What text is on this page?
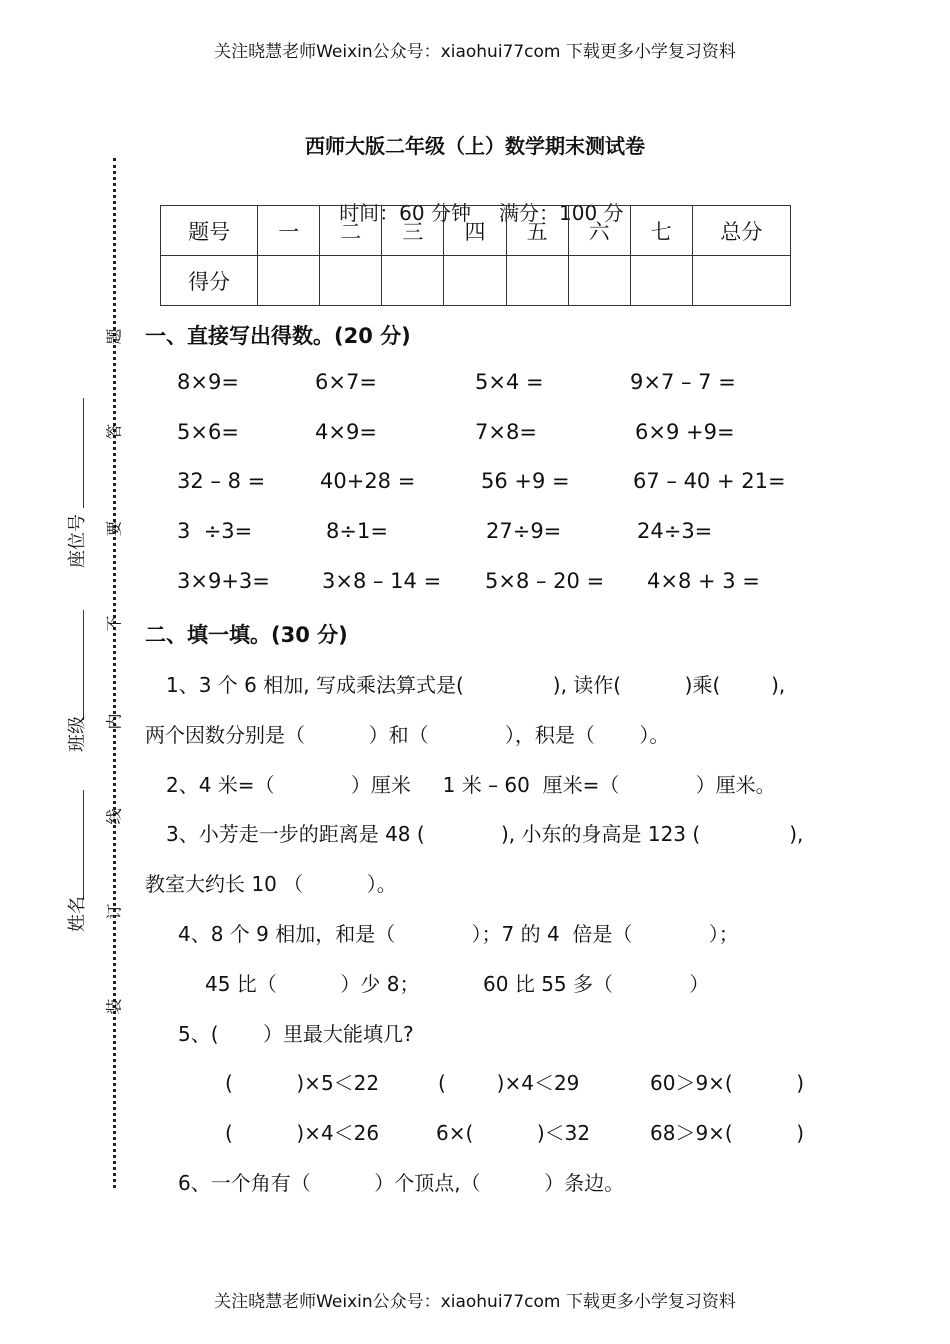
关注晓慧老师Weixin公众号：xiaohui77com 下载更多小学复习资料
题
答
要
不
内
线
订
装
座位号
班级
姓名
西师大版二年级（上）数学期末测试卷

时间：60 分钟 满分：100 分

题号	一	二	三	四	五	六	七	总分
得分								
一、直接写出得数。(20 分)
8×9=	6×7=	5×4 =	9×7 – 7 =
5×6=	4×9=	7×8=	6×9 +9=
32 – 8 =	40+28 =	56 +9 =	67 – 40 + 21=
3  ÷3=	8÷1=	27÷9=	24÷3=
3×9+3= 3×8 – 14 = 5×8 – 20 = 4×8 + 3 =
二、填一填。(30 分)
1、3 个 6 相加, 写成乘法算式是(              ), 读作(          )乘(        ),
两个因数分别是（          ）和（            ），积是（       ）。
2、4 米=（            ）厘米     1 米 – 60  厘米=（            ）厘米。
3、小芳走一步的距离是 48 (            ), 小东的身高是 123 (              ),
教室大约长 10 （          ）。
4、8 个 9 相加，和是（            ）；7 的 4  倍是（            ）；
45 比（          ）少 8；          60 比 55 多（            ）
5、(       ）里最大能填几?
(          )×5＜22	(        )×4＜29	60＞9×(          )
(          )×4＜26	6×(          )＜32	68＞9×(          )
6、一个角有（          ）个顶点,（          ）条边。
关注晓慧老师Weixin公众号：xiaohui77com 下载更多小学复习资料
